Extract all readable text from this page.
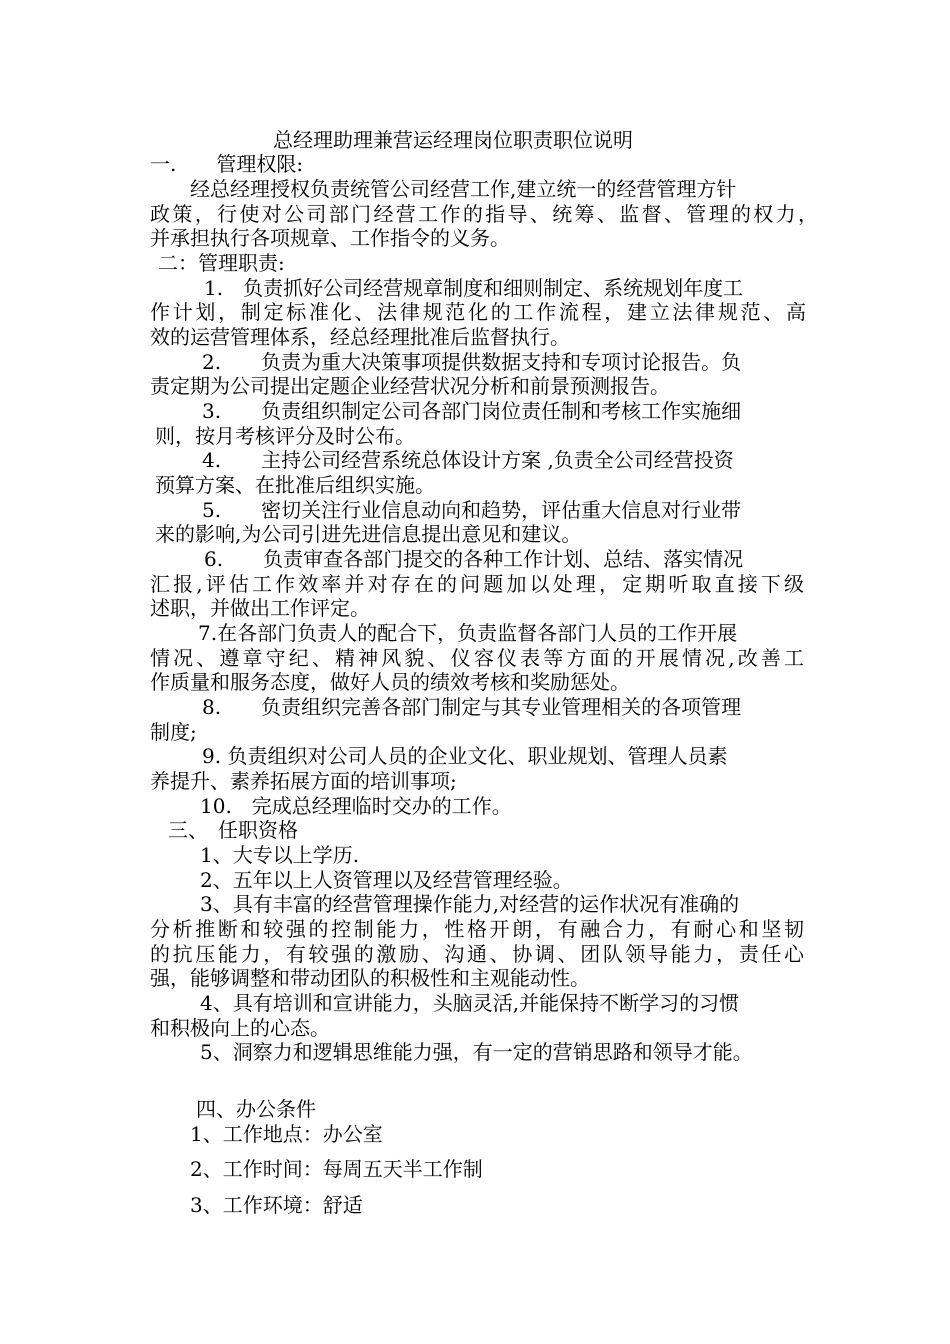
总经理助理兼营运经理岗位职责职位说明
一.　　管理权限:
经总经理授权负责统管公司经营工作,建立统一的经营管理方针
政策，行使对公司部门经营工作的指导、统筹、监督、管理的权力，
并承担执行各项规章、工作指令的义务。
二：管理职责:
1.　负责抓好公司经营规章制度和细则制定、系统规划年度工
作计划，制定标准化、法律规范化的工作流程，建立法律规范、高
效的运营管理体系，经总经理批准后监督执行。
2.　　负责为重大决策事项提供数据支持和专项讨论报告。负
责定期为公司提出定题企业经营状况分析和前景预测报告。
3.　　负责组织制定公司各部门岗位责任制和考核工作实施细
则，按月考核评分及时公布。
4.　　主持公司经营系统总体设计方案 ,负责全公司经营投资
预算方案、在批准后组织实施。
5.　　密切关注行业信息动向和趋势，评估重大信息对行业带
来的影响,为公司引进先进信息提出意见和建议。
6.　　负责审查各部门提交的各种工作计划、总结、落实情况
汇报,评估工作效率并对存在的问题加以处理，定期听取直接下级
述职，并做出工作评定。
7.在各部门负责人的配合下，负责监督各部门人员的工作开展
情况、遵章守纪、精神风貌、仪容仪表等方面的开展情况,改善工
作质量和服务态度，做好人员的绩效考核和奖励惩处。
8.　　负责组织完善各部门制定与其专业管理相关的各项管理
制度;
9. 负责组织对公司人员的企业文化、职业规划、管理人员素
养提升、素养拓展方面的培训事项;
10.　完成总经理临时交办的工作。
三、　任职资格
1、大专以上学历.
2、五年以上人资管理以及经营管理经验。
3、具有丰富的经营管理操作能力,对经营的运作状况有准确的
分析推断和较强的控制能力，性格开朗，有融合力，有耐心和坚韧
的抗压能力，有较强的激励、沟通、协调、团队领导能力，责任心
强，能够调整和带动团队的积极性和主观能动性。
4、具有培训和宣讲能力，头脑灵活,并能保持不断学习的习惯
和积极向上的心态。
5、洞察力和逻辑思维能力强，有一定的营销思路和领导才能。
四、办公条件
1、工作地点：办公室
2、工作时间：每周五天半工作制
3、工作环境：舒适
